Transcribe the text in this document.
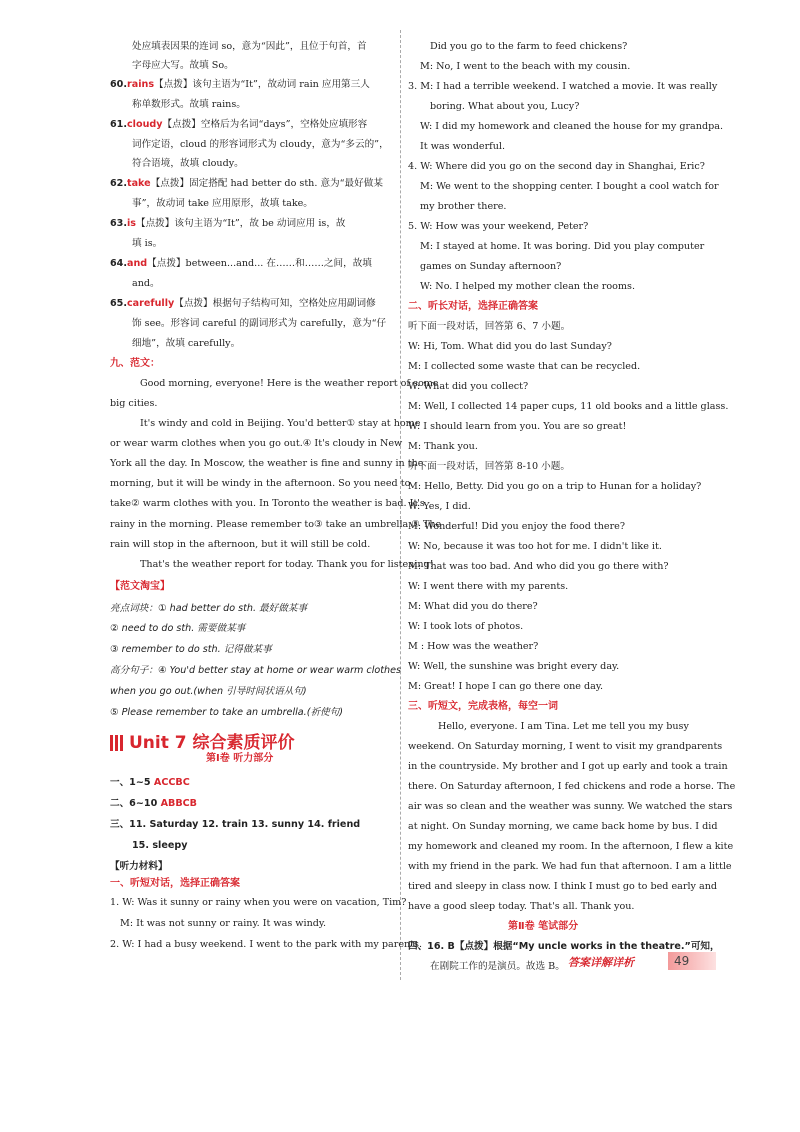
处应填表因果的连词 so，意为“因此”，且位于句首，首
字母应大写。故填 So。
60.rains【点拨】该句主语为“It”，故动词 rain 应用第三人
称单数形式。故填 rains。
61.cloudy【点拨】空格后为名词“days”，空格处应填形容
词作定语，cloud 的形容词形式为 cloudy，意为“多云的”，
符合语境，故填 cloudy。
62.take【点拨】固定搭配 had better do sth. 意为“最好做某
事”，故动词 take 应用原形，故填 take。
63.is【点拨】该句主语为“It”，故 be 动词应用 is，故
填 is。
64.and【点拨】between...and... 在……和……之间，故填
and。
65.carefully【点拨】根据句子结构可知，空格处应用副词修
饰 see。形容词 careful 的副词形式为 carefully，意为“仔
细地”，故填 carefully。
九、范文：
Good morning, everyone! Here is the weather report of some
big cities.
It's windy and cold in Beijing. You'd better① stay at home
or wear warm clothes when you go out.④ It's cloudy in New
York all the day. In Moscow, the weather is fine and sunny in the
morning, but it will be windy in the afternoon. So you need to
take② warm clothes with you. In Toronto the weather is bad. It's
rainy in the morning. Please remember to③ take an umbrella.⑤ The
rain will stop in the afternoon, but it will still be cold.
That's the weather report for today. Thank you for listening!
【范文淘宝】
亮点词块：① had better do sth. 最好做某事
② need to do sth. 需要做某事
③ remember to do sth. 记得做某事
高分句子：④ You'd better stay at home or wear warm clothes
when you go out.(when 引导时间状语从句)
⑤ Please remember to take an umbrella.(祈使句)
第Ⅰ卷 听力部分
一、1~5 ACCBC
二、6~10 ABBCB
三、11. Saturday 12. train 13. sunny 14. friend
15. sleepy
【听力材料】
一、听短对话，选择正确答案
1. W: Was it sunny or rainy when you were on vacation, Tim?
M: It was not sunny or rainy. It was windy.
2. W: I had a busy weekend. I went to the park with my parents.
Unit 7 综合素质评价
Did you go to the farm to feed chickens?
M: No, I went to the beach with my cousin.
3. M: I had a terrible weekend. I watched a movie. It was really
boring. What about you, Lucy?
W: I did my homework and cleaned the house for my grandpa.
It was wonderful.
4. W: Where did you go on the second day in Shanghai, Eric?
M: We went to the shopping center. I bought a cool watch for
my brother there.
5. W: How was your weekend, Peter?
M: I stayed at home. It was boring. Did you play computer
games on Sunday afternoon?
W: No. I helped my mother clean the rooms.
二、听长对话，选择正确答案
听下面一段对话，回答第 6、7 小题。
W: Hi, Tom. What did you do last Sunday?
M: I collected some waste that can be recycled.
W: What did you collect?
M: Well, I collected 14 paper cups, 11 old books and a little glass.
W: I should learn from you. You are so great!
M: Thank you.
听下面一段对话，回答第 8-10 小题。
M: Hello, Betty. Did you go on a trip to Hunan for a holiday?
W: Yes, I did.
M: Wonderful! Did you enjoy the food there?
W: No, because it was too hot for me. I didn't like it.
M: That was too bad. And who did you go there with?
W: I went there with my parents.
M: What did you do there?
W: I took lots of photos.
M : How was the weather?
W: Well, the sunshine was bright every day.
M: Great! I hope I can go there one day.
三、听短文，完成表格，每空一词
Hello, everyone. I am Tina. Let me tell you my busy
weekend. On Saturday morning, I went to visit my grandparents
in the countryside. My brother and I got up early and took a train
there. On Saturday afternoon, I fed chickens and rode a horse. The
air was so clean and the weather was sunny. We watched the stars
at night. On Sunday morning, we came back home by bus. I did
my homework and cleaned my room. In the afternoon, I flew a kite
with my friend in the park. We had fun that afternoon. I am a little
tired and sleepy in class now. I think I must go to bed early and
have a good sleep today. That's all. Thank you.
第Ⅱ卷 笔试部分
四、16. B【点拨】根据“My uncle works in the theatre.”可知，
在剧院工作的是演员。故选 B。 答案详解详析	49
